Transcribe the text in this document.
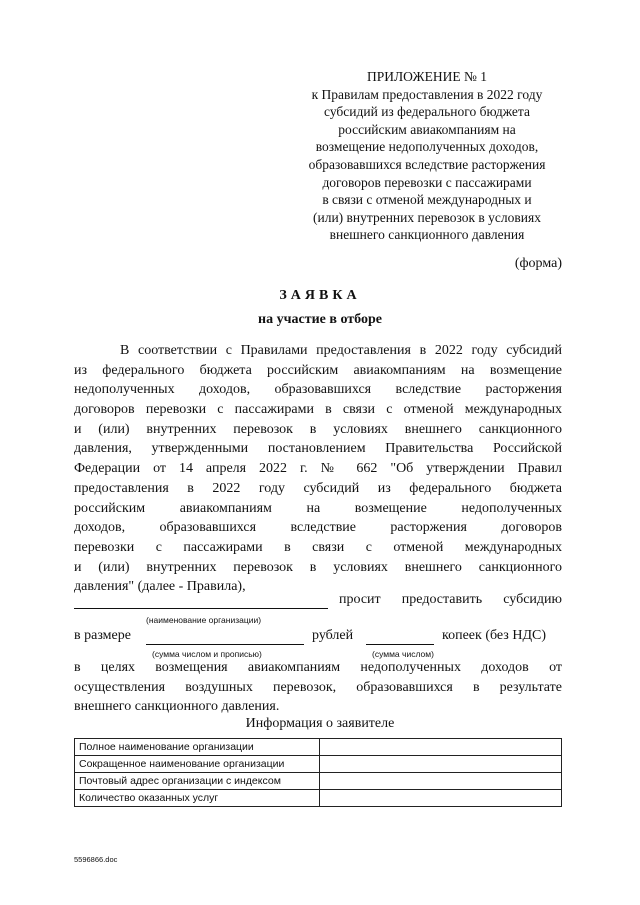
ПРИЛОЖЕНИЕ № 1
к Правилам предоставления в 2022 году
субсидий из федерального бюджета
российским авиакомпаниям на
возмещение недополученных доходов,
образовавшихся вследствие расторжения
договоров перевозки с пассажирами
в связи с отменой международных и
(или) внутренних перевозок в условиях
внешнего санкционного давления
(форма)
ЗАЯВКА
на участие в отборе
В соответствии с Правилами предоставления в 2022 году субсидий
из федерального бюджета российским авиакомпаниям на возмещение
недополученных доходов, образовавшихся вследствие расторжения
договоров перевозки с пассажирами в связи с отменой международных
и (или) внутренних перевозок в условиях внешнего санкционного
давления, утвержденными постановлением Правительства Российской
Федерации от 14 апреля 2022 г. № 662 "Об утверждении Правил
предоставления в 2022 году субсидий из федерального бюджета
российским авиакомпаниям на возмещение недополученных
доходов, образовавшихся вследствие расторжения договоров
перевозки с пассажирами в связи с отменой международных
и (или) внутренних перевозок в условиях внешнего санкционного
давления" (далее - Правила),
просит предоставить субсидию
(наименование организации)
в размере	рублей	копеек (без НДС)
(сумма числом и прописью)	(сумма числом)
в целях возмещения авиакомпаниям недополученных доходов от
осуществления воздушных перевозок, образовавшихся в результате
внешнего санкционного давления.
Информация о заявителе
Полное наименование организации	
Сокращенное наименование организации	
Почтовый адрес организации с индексом	
Количество оказанных услуг	
5596866.doc
